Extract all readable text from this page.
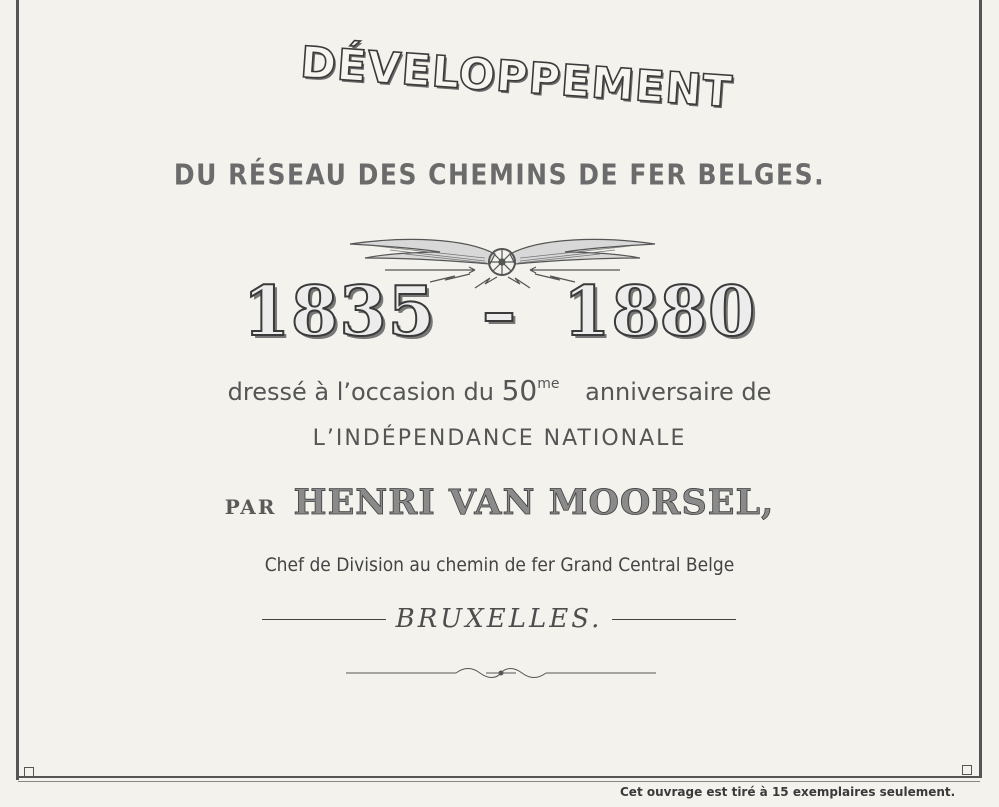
DÉVELOPPEMENT
DU RÉSEAU DES CHEMINS DE FER BELGES.
1835 – 1880
dressé à l’occasion du $50^{me}$ anniversaire de
L’INDÉPENDANCE NATIONALE
PAR HENRI VAN MOORSEL,
Chef de Division au chemin de fer Grand Central Belge
BRUXELLES.
Cet ouvrage est tiré à 15 exemplaires seulement.
